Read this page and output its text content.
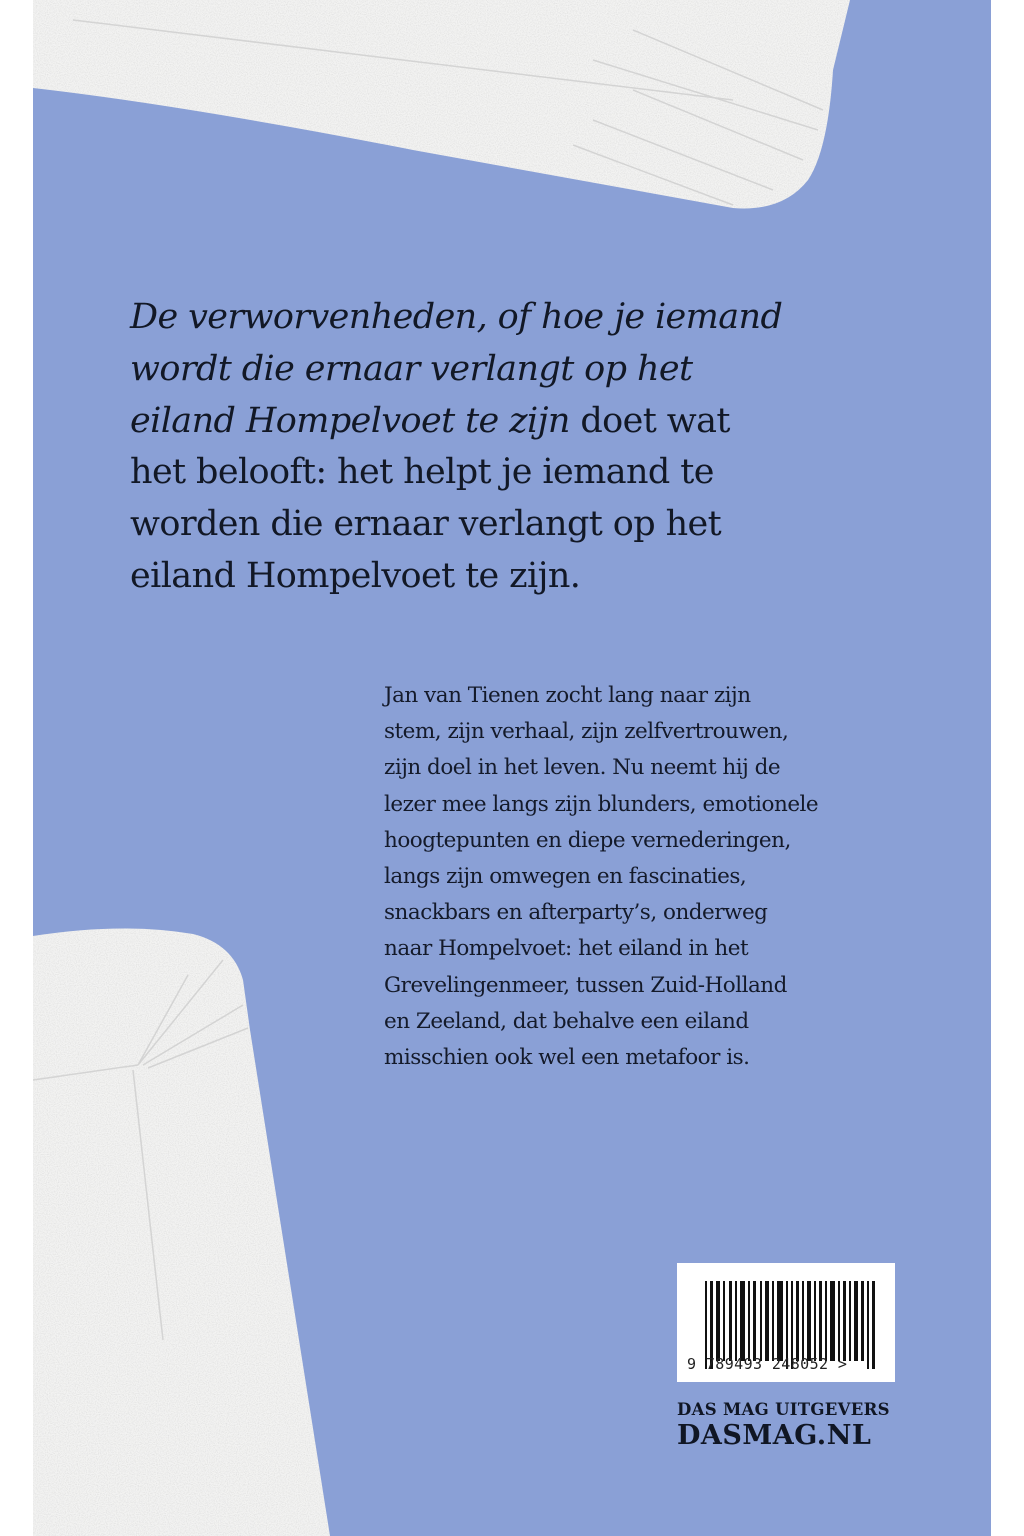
De verworvenheden, of hoe je iemand
wordt die ernaar verlangt op het
eiland Hompelvoet te zijn doet wat
het belooft: het helpt je iemand te
worden die ernaar verlangt op het
eiland Hompelvoet te zijn.
Jan van Tienen zocht lang naar zijn
stem, zijn verhaal, zijn zelfvertrouwen,
zijn doel in het leven. Nu neemt hij de
lezer mee langs zijn blunders, emotionele
hoogtepunten en diepe vernederingen,
langs zijn omwegen en fascinaties,
snackbars en afterparty’s, onderweg
naar Hompelvoet: het eiland in het
Grevelingenmeer, tussen Zuid-Holland
en Zeeland, dat behalve een eiland
misschien ook wel een metafoor is.
9 789493 248052 >
DAS MAG UITGEVERS
DASMAG.NL
